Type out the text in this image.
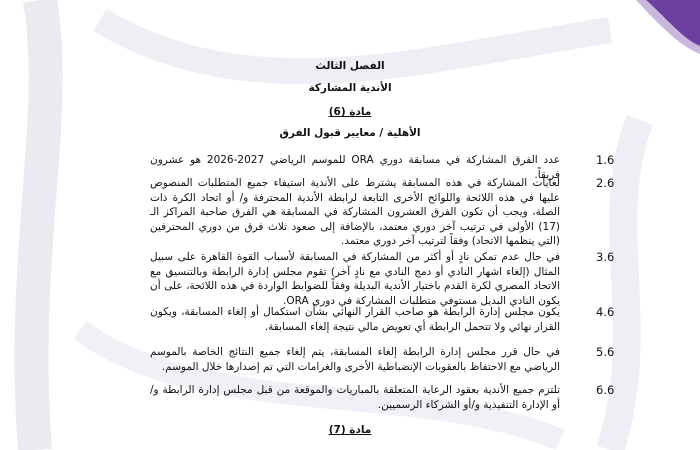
الفصل الثالث
الأندية المشاركة
مادة (6)
الأهلية / معايير قبول الفرق
1.6
عدد الفرق المشاركة في مسابقة دوري ORA للموسم الرياضي 2027-2026 هو عشرون فريقاً.
2.6
لغايات المشاركة في هذه المسابقة يشترط على الأندية استيفاء جميع المتطلبات المنصوص عليها في هذه اللائحة واللوائح الأخرى التابعة لرابطة الأندية المحترفة و/ أو اتحاد الكرة ذات الصلة، ويجب أن تكون الفرق العشرون المشاركة في المسابقة هي الفرق صاحبة المراكز الـ (17) الأولى في ترتيب آخر دوري معتمد، بالإضافة إلى صعود ثلاث فرق من دوري المحترفين (التي ينظمها الاتحاد) وفقاً لترتيب آخر دوري معتمد.
3.6
في حال عدم تمكن نادٍ أو أكثر من المشاركة في المسابقة لأسباب القوة القاهرة على سبيل المثال (إلغاء اشهار النادي أو دمج النادي مع نادٍ آخر) تقوم مجلس إدارة الرابطة وبالتنسيق مع الاتحاد المصري لكرة القدم باختيار الأندية البديلة وفقاً للضوابط الواردة في هذه اللائحة، على أن يكون النادي البديل مستوفي متطلبات المشاركة في دوري ORA.
4.6
يكون مجلس إدارة الرابطة هو صاحب القرار النهائي بشأن استكمال أو إلغاء المسابقة، ويكون القرار نهائي ولا تتحمل الرابطة أي تعويض مالي نتيجة إلغاء المسابقة.
5.6
في حال قرر مجلس إدارة الرابطة إلغاء المسابقة، يتم إلغاء جميع النتائج الخاصة بالموسم الرياضي مع الاحتفاظ بالعقوبات الإنضباطية الأخرى والغرامات التي تم إصدارها خلال الموسم.
6.6
تلتزم جميع الأندية بعقود الرعاية المتعلقة بالمباريات والموقعة من قبل مجلس إدارة الرابطة و/أو الإدارة التنفيذية و/أو الشركاء الرسميين.
مادة (7)
